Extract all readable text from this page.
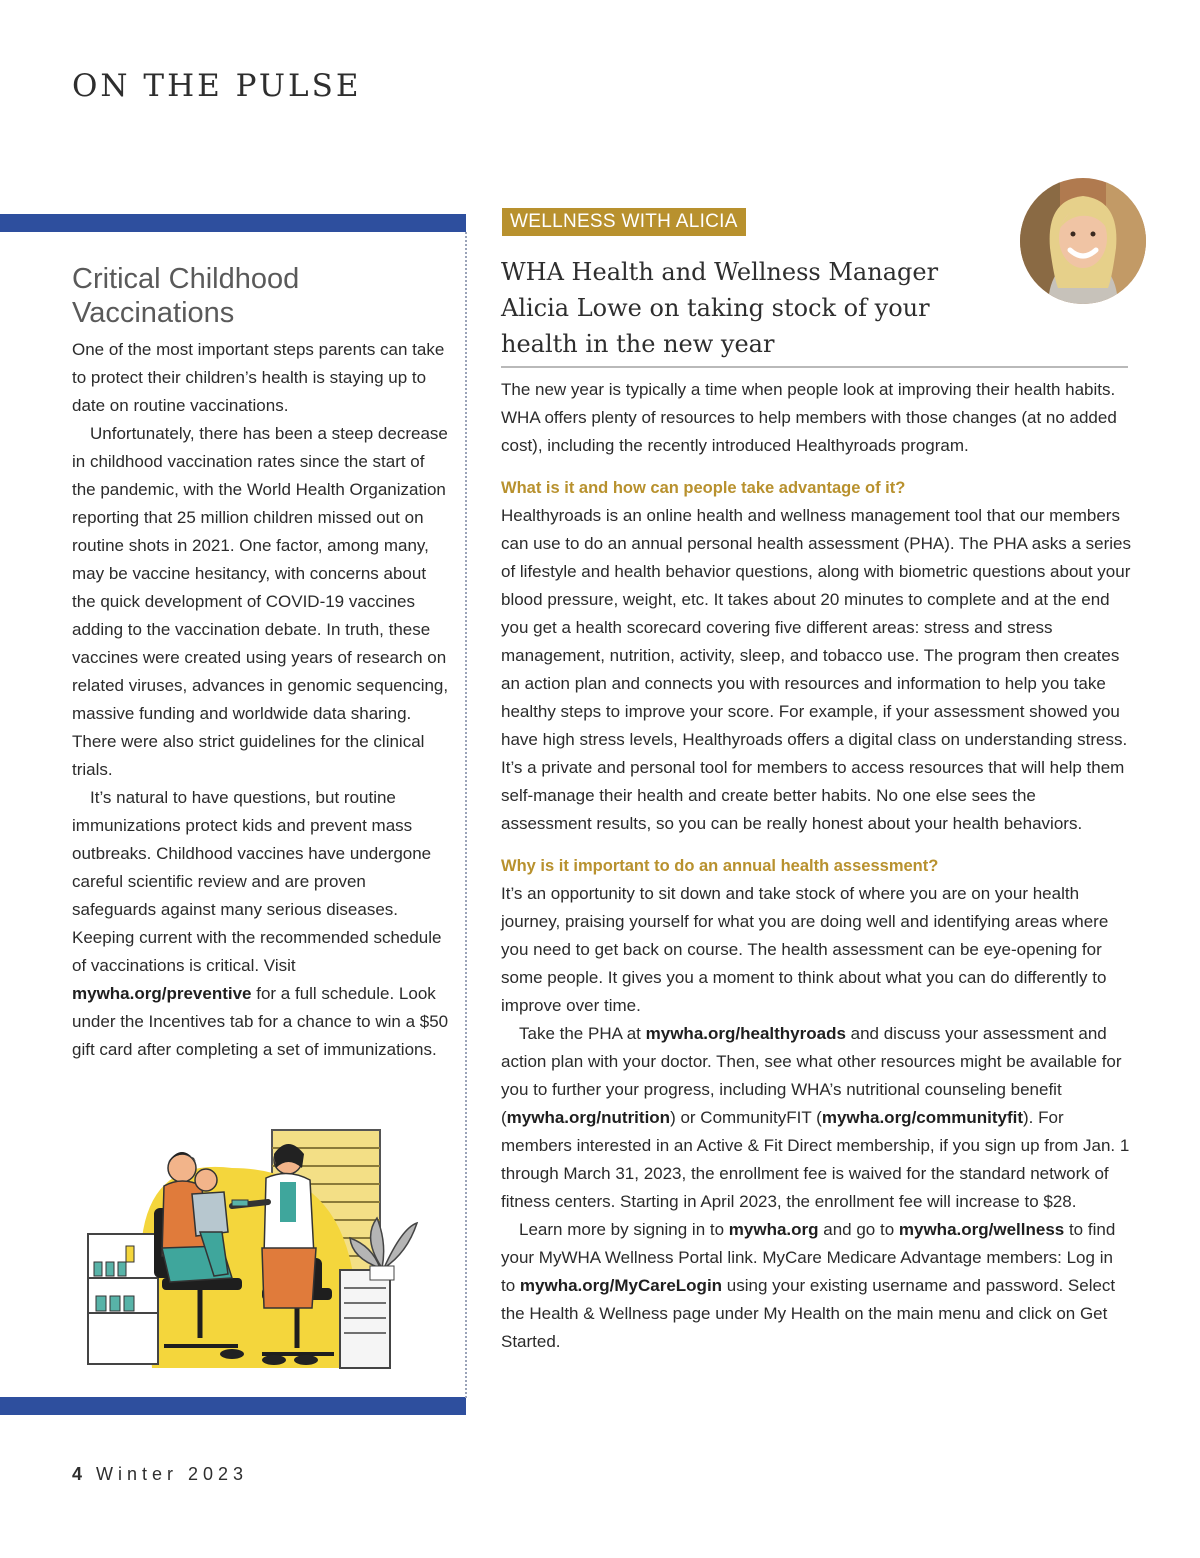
ON THE PULSE
Critical Childhood Vaccinations

One of the most important steps parents can take to protect their children’s health is staying up to date on routine vaccinations.

Unfortunately, there has been a steep decrease in childhood vaccination rates since the start of the pandemic, with the World Health Organization reporting that 25 million children missed out on routine shots in 2021. One factor, among many, may be vaccine hesitancy, with concerns about the quick development of COVID-19 vaccines adding to the vaccination debate. In truth, these vaccines were created using years of research on related viruses, advances in genomic sequencing, massive funding and worldwide data sharing. There were also strict guidelines for the clinical trials.

It’s natural to have questions, but routine immunizations protect kids and prevent mass outbreaks. Childhood vaccines have undergone careful scientific review and are proven safeguards against many serious diseases. Keeping current with the recommended schedule of vaccinations is critical. Visit mywha.org/preventive for a full schedule. Look under the Incentives tab for a chance to win a $50 gift card after completing a set of immunizations.

WELLNESS WITH ALICIA
WHA Health and Wellness Manager Alicia Lowe on taking stock of your health in the new year

The new year is typically a time when people look at improving their health habits. WHA offers plenty of resources to help members with those changes (at no added cost), including the recently introduced Healthyroads program.

What is it and how can people take advantage of it?

Healthyroads is an online health and wellness management tool that our members can use to do an annual personal health assessment (PHA). The PHA asks a series of lifestyle and health behavior questions, along with biometric questions about your blood pressure, weight, etc. It takes about 20 minutes to complete and at the end you get a health scorecard covering five different areas: stress and stress management, nutrition, activity, sleep, and tobacco use. The program then creates an action plan and connects you with resources and information to help you take healthy steps to improve your score. For example, if your assessment showed you have high stress levels, Healthyroads offers a digital class on understanding stress. It’s a private and personal tool for members to access resources that will help them self-manage their health and create better habits. No one else sees the assessment results, so you can be really honest about your health behaviors.

Why is it important to do an annual health assessment?

It’s an opportunity to sit down and take stock of where you are on your health journey, praising yourself for what you are doing well and identifying areas where you need to get back on course. The health assessment can be eye-opening for some people. It gives you a moment to think about what you can do differently to improve over time.

Take the PHA at mywha.org/healthyroads and discuss your assessment and action plan with your doctor. Then, see what other resources might be available for you to further your progress, including WHA’s nutritional counseling benefit (mywha.org/nutrition) or CommunityFIT (mywha.org/communityfit). For members interested in an Active & Fit Direct membership, if you sign up from Jan. 1 through March 31, 2023, the enrollment fee is waived for the standard network of fitness centers. Starting in April 2023, the enrollment fee will increase to $28.

Learn more by signing in to mywha.org and go to mywha.org/wellness to find your MyWHA Wellness Portal link. MyCare Medicare Advantage members: Log in to mywha.org/MyCareLogin using your existing username and password. Select the Health & Wellness page under My Health on the main menu and click on Get Started.

4 Winter 2023
